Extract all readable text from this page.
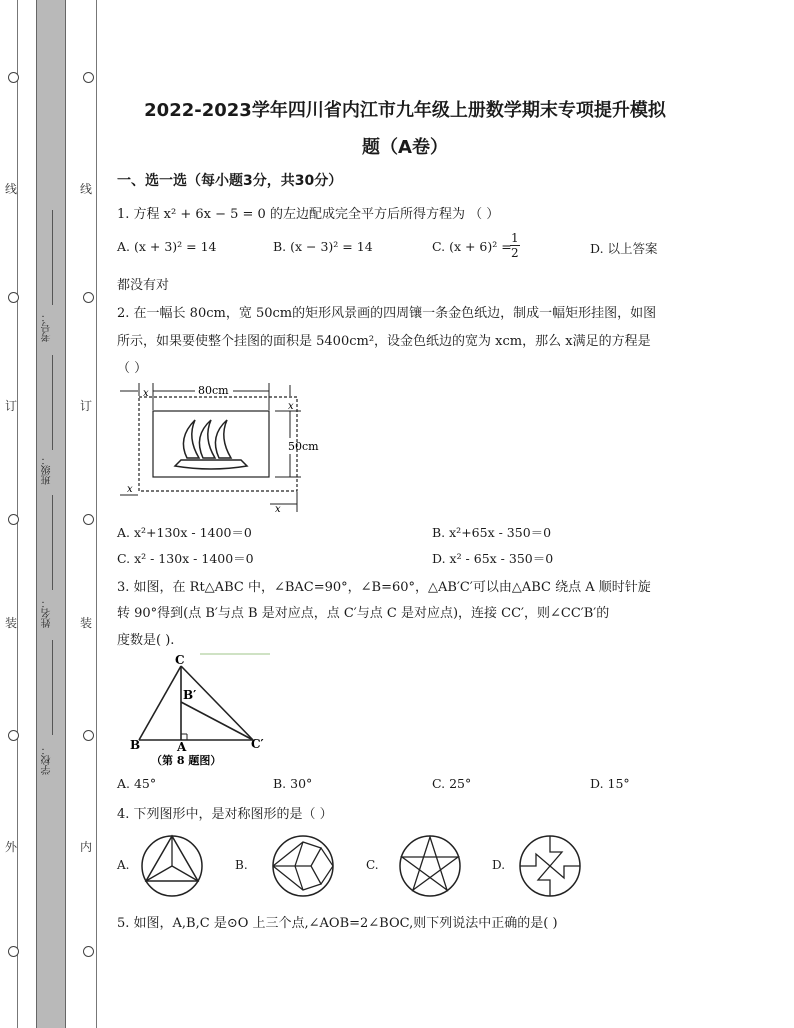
线
订
装
外
线
订
装
内
考号：
班级：
姓名：
学校：
2022-2023学年四川省内江市九年级上册数学期末专项提升模拟
题（A卷）
一、选一选（每小题3分，共30分）
1. 方程 x² + 6x − 5 = 0 的左边配成完全平方后所得方程为 （ ）
A. (x + 3)² = 14	B. (x − 3)² = 14	C. (x + 6)² =
$\frac{1}{2}$	D. 以上答案
都没有对
2. 在一幅长 80cm，宽 50cm的矩形风景画的四周镶一条金色纸边，制成一幅矩形挂图，如图
所示，如果要使整个挂图的面积是 5400cm²，设金色纸边的宽为 xcm，那么 x满足的方程是
（ ）
80cm
x
x
50cm
x
x
A. x²+130x - 1400＝0	B. x²+65x - 350＝0
C. x² - 130x - 1400＝0	D. x² - 65x - 350＝0
3. 如图，在 Rt△ABC 中，∠BAC=90°，∠B=60°，△AB′C′可以由△ABC 绕点 A 顺时针旋
转 90°得到(点 B′与点 B 是对应点，点 C′与点 C 是对应点)，连接 CC′，则∠CC′B′的
度数是( ).
C
B′
B	A	C′
（第 8 题图）
A. 45°	B. 30°	C. 25°	D. 15°
4. 下列图形中，是对称图形的是（ ）
A.	B.	C.	D.
5. 如图，A,B,C 是⊙O 上三个点,∠AOB=2∠BOC,则下列说法中正确的是( )
